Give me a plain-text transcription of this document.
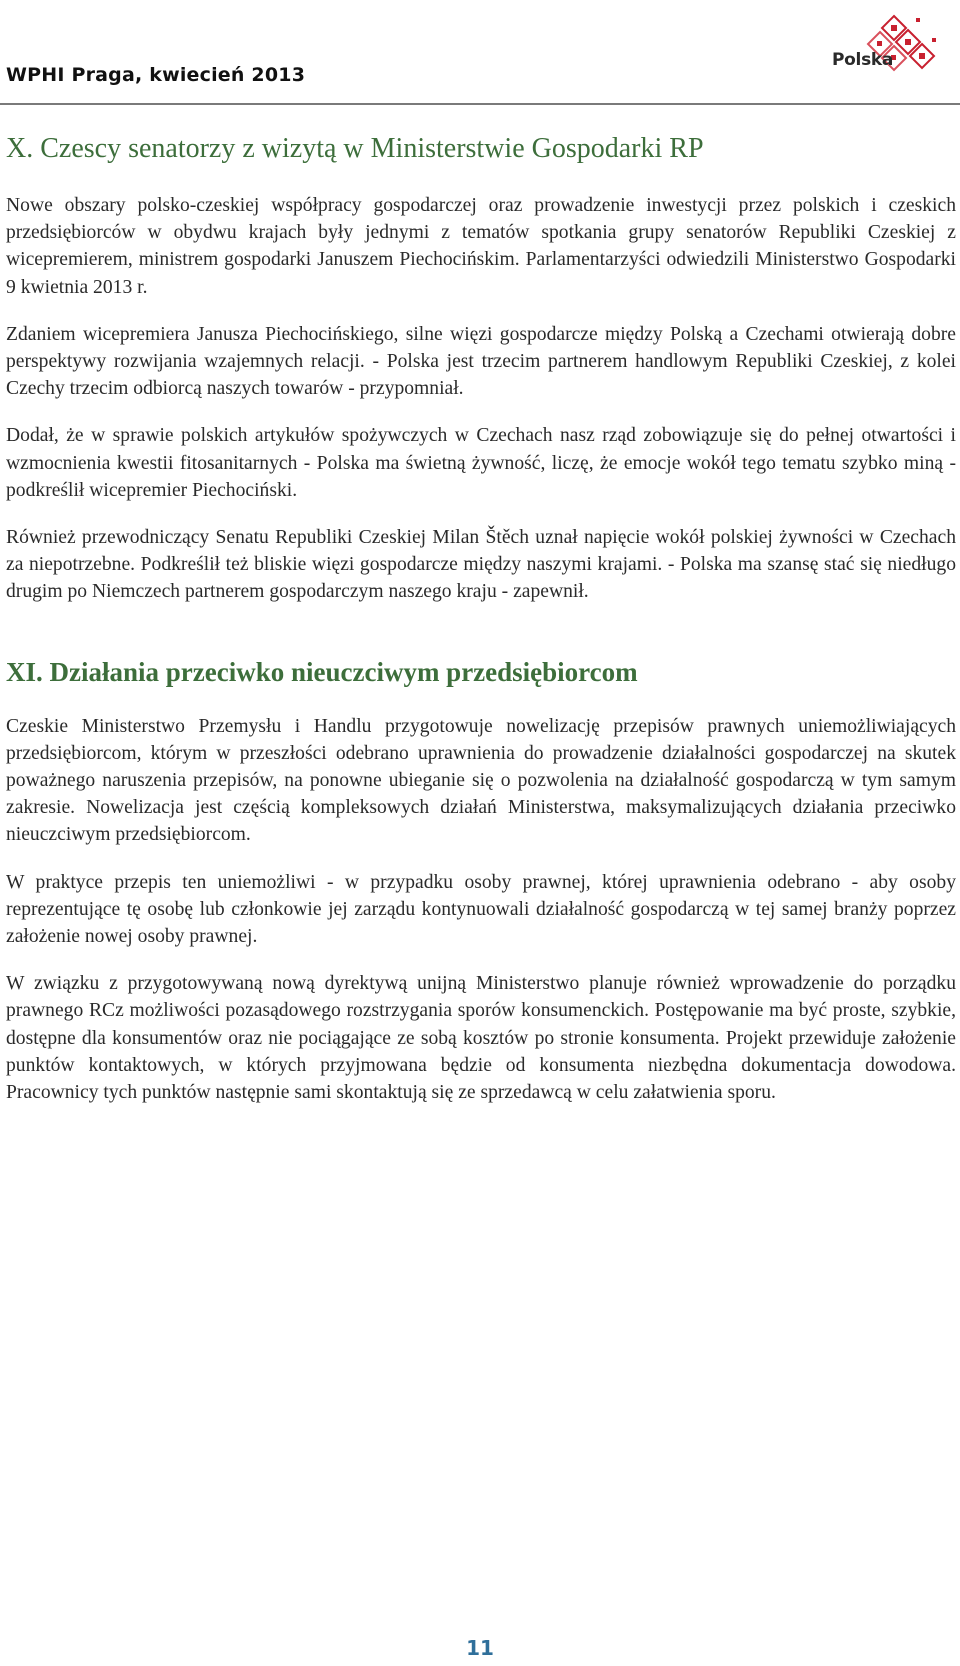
WPHI Praga, kwiecień 2013
Polska
X. Czescy senatorzy z wizytą w Ministerstwie Gospodarki RP

Nowe obszary polsko-czeskiej współpracy gospodarczej oraz prowadzenie inwestycji przez polskich i czeskich przedsiębiorców w obydwu krajach były jednymi z tematów spotkania grupy senatorów Republiki Czeskiej z wicepremierem, ministrem gospodarki Januszem Piechocińskim. Parlamentarzyści odwiedzili Ministerstwo Gospodarki 9 kwietnia 2013 r.

Zdaniem wicepremiera Janusza Piechocińskiego, silne więzi gospodarcze między Polską a Czechami otwierają dobre perspektywy rozwijania wzajemnych relacji. - Polska jest trzecim partnerem handlowym Republiki Czeskiej, z kolei Czechy trzecim odbiorcą naszych towarów - przypomniał.

Dodał, że w sprawie polskich artykułów spożywczych w Czechach nasz rząd zobowiązuje się do pełnej otwartości i wzmocnienia kwestii fitosanitarnych - Polska ma świetną żywność, liczę, że emocje wokół tego tematu szybko miną - podkreślił wicepremier Piechociński.

Również przewodniczący Senatu Republiki Czeskiej Milan Štěch uznał napięcie wokół polskiej żywności w Czechach za niepotrzebne. Podkreślił też bliskie więzi gospodarcze między naszymi krajami. - Polska ma szansę stać się niedługo drugim po Niemczech partnerem gospodarczym naszego kraju - zapewnił.

XI. Działania przeciwko nieuczciwym przedsiębiorcom

Czeskie Ministerstwo Przemysłu i Handlu przygotowuje nowelizację przepisów prawnych uniemożliwiających przedsiębiorcom, którym w przeszłości odebrano uprawnienia do prowadzenie działalności gospodarczej na skutek poważnego naruszenia przepisów, na ponowne ubieganie się o pozwolenia na działalność gospodarczą w tym samym zakresie. Nowelizacja jest częścią kompleksowych działań Ministerstwa, maksymalizujących działania przeciwko nieuczciwym przedsiębiorcom.

W praktyce przepis ten uniemożliwi - w przypadku osoby prawnej, której uprawnienia odebrano - aby osoby reprezentujące tę osobę lub członkowie jej zarządu kontynuowali działalność gospodarczą w tej samej branży poprzez założenie nowej osoby prawnej.

W związku z przygotowywaną nową dyrektywą unijną Ministerstwo planuje również wprowadzenie do porządku prawnego RCz możliwości pozasądowego rozstrzygania sporów konsumenckich. Postępowanie ma być proste, szybkie, dostępne dla konsumentów oraz nie pociągające ze sobą kosztów po stronie konsumenta. Projekt przewiduje założenie punktów kontaktowych, w których przyjmowana będzie od konsumenta niezbędna dokumentacja dowodowa. Pracownicy tych punktów następnie sami skontaktują się ze sprzedawcą w celu załatwienia sporu.

11
